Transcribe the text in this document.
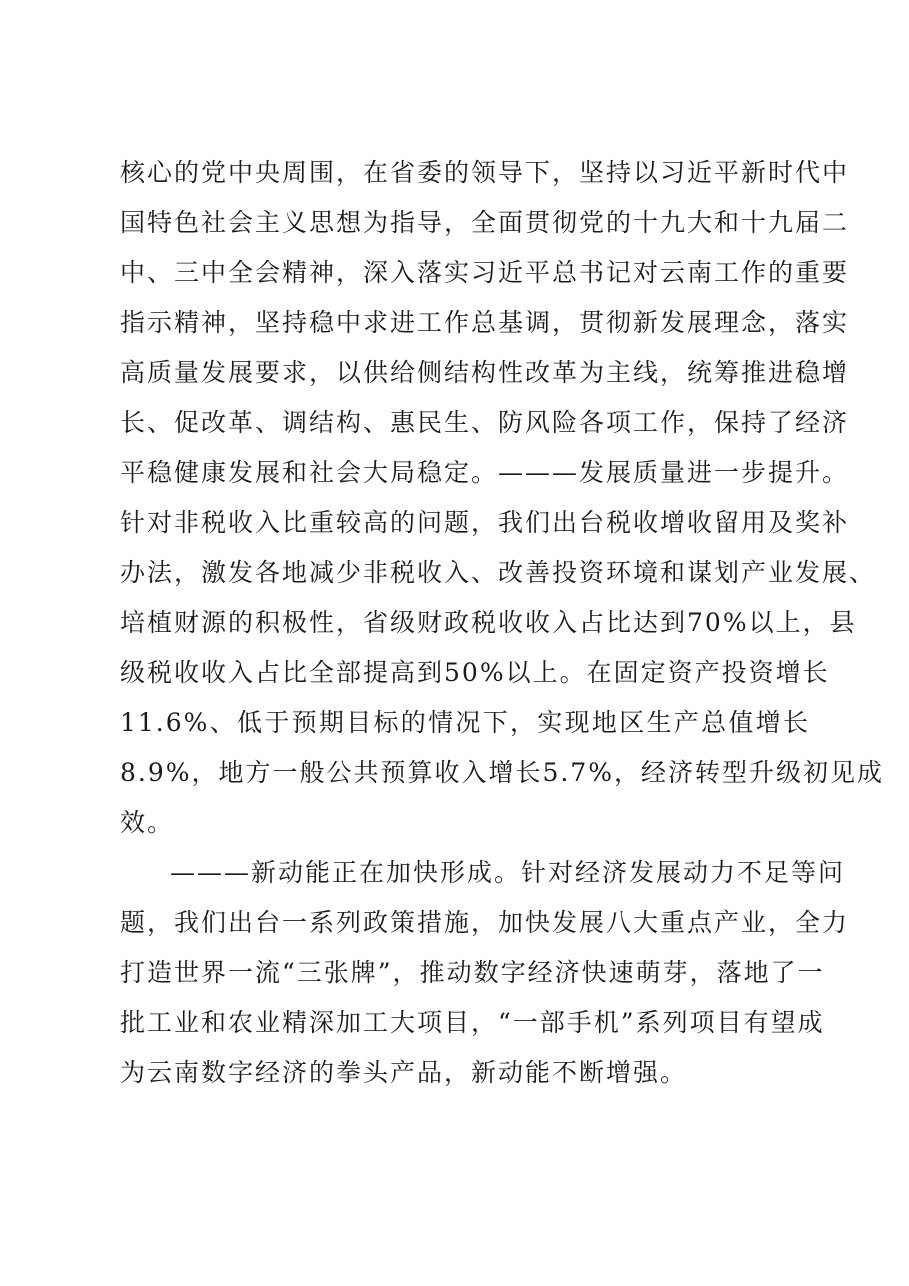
核心的党中央周围，在省委的领导下，坚持以习近平新时代中
国特色社会主义思想为指导，全面贯彻党的十九大和十九届二
中、三中全会精神，深入落实习近平总书记对云南工作的重要
指示精神，坚持稳中求进工作总基调，贯彻新发展理念，落实
高质量发展要求，以供给侧结构性改革为主线，统筹推进稳增
长、促改革、调结构、惠民生、防风险各项工作，保持了经济
平稳健康发展和社会大局稳定。———发展质量进一步提升。
针对非税收入比重较高的问题，我们出台税收增收留用及奖补
办法，激发各地减少非税收入、改善投资环境和谋划产业发展、
培植财源的积极性，省级财政税收收入占比达到70%以上，县
级税收收入占比全部提高到50%以上。在固定资产投资增长
11.6%、低于预期目标的情况下，实现地区生产总值增长
8.9%，地方一般公共预算收入增长5.7%，经济转型升级初见成
效。
———新动能正在加快形成。针对经济发展动力不足等问
题，我们出台一系列政策措施，加快发展八大重点产业，全力
打造世界一流“三张牌”，推动数字经济快速萌芽，落地了一
批工业和农业精深加工大项目，“一部手机”系列项目有望成
为云南数字经济的拳头产品，新动能不断增强。
